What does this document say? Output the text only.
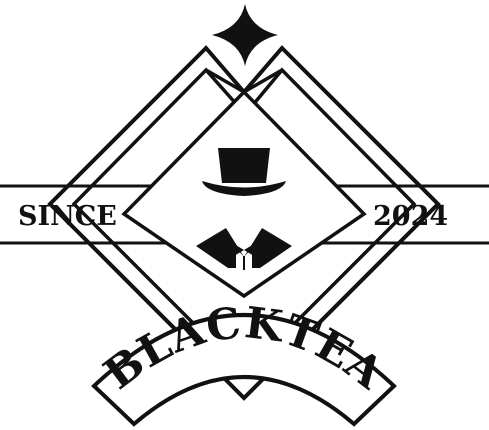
SINCE	2024
BLACKTEA
